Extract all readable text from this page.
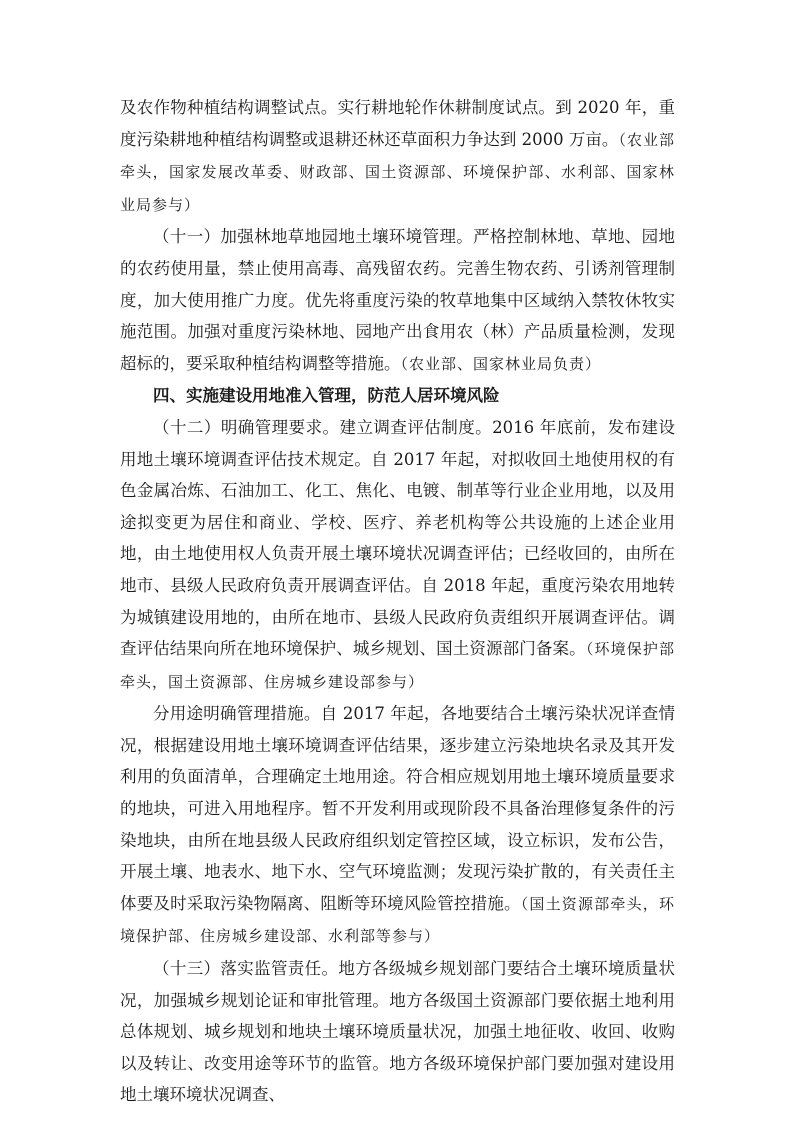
及农作物种植结构调整试点。实行耕地轮作休耕制度试点。到 2020 年，重度污染耕地种植结构调整或退耕还林还草面积力争达到 2000 万亩。（农业部牵头，国家发展改革委、财政部、国土资源部、环境保护部、水利部、国家林业局参与）

（十一）加强林地草地园地土壤环境管理。严格控制林地、草地、园地的农药使用量，禁止使用高毒、高残留农药。完善生物农药、引诱剂管理制度，加大使用推广力度。优先将重度污染的牧草地集中区域纳入禁牧休牧实施范围。加强对重度污染林地、园地产出食用农（林）产品质量检测，发现超标的，要采取种植结构调整等措施。（农业部、国家林业局负责）

四、实施建设用地准入管理，防范人居环境风险

（十二）明确管理要求。建立调查评估制度。2016 年底前，发布建设用地土壤环境调查评估技术规定。自 2017 年起，对拟收回土地使用权的有色金属冶炼、石油加工、化工、焦化、电镀、制革等行业企业用地，以及用途拟变更为居住和商业、学校、医疗、养老机构等公共设施的上述企业用地，由土地使用权人负责开展土壤环境状况调查评估；已经收回的，由所在地市、县级人民政府负责开展调查评估。自 2018 年起，重度污染农用地转为城镇建设用地的，由所在地市、县级人民政府负责组织开展调查评估。调查评估结果向所在地环境保护、城乡规划、国土资源部门备案。（环境保护部牵头，国土资源部、住房城乡建设部参与）

分用途明确管理措施。自 2017 年起，各地要结合土壤污染状况详查情况，根据建设用地土壤环境调查评估结果，逐步建立污染地块名录及其开发利用的负面清单，合理确定土地用途。符合相应规划用地土壤环境质量要求的地块，可进入用地程序。暂不开发利用或现阶段不具备治理修复条件的污染地块，由所在地县级人民政府组织划定管控区域，设立标识，发布公告，开展土壤、地表水、地下水、空气环境监测；发现污染扩散的，有关责任主体要及时采取污染物隔离、阻断等环境风险管控措施。（国土资源部牵头，环境保护部、住房城乡建设部、水利部等参与）

（十三）落实监管责任。地方各级城乡规划部门要结合土壤环境质量状况，加强城乡规划论证和审批管理。地方各级国土资源部门要依据土地利用总体规划、城乡规划和地块土壤环境质量状况，加强土地征收、收回、收购以及转让、改变用途等环节的监管。地方各级环境保护部门要加强对建设用地土壤环境状况调查、
